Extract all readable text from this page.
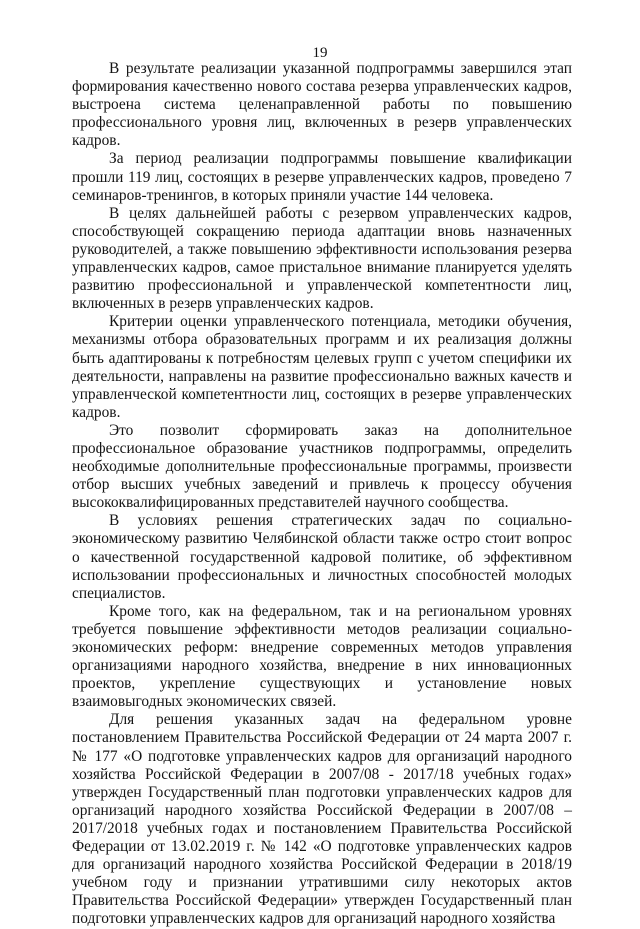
19

В результате реализации указанной подпрограммы завершился этап формирования качественно нового состава резерва управленческих кадров, выстроена система целенаправленной работы по повышению профессионального уровня лиц, включенных в резерв управленческих кадров.

За период реализации подпрограммы повышение квалификации прошли 119 лиц, состоящих в резерве управленческих кадров, проведено 7 семинаров-тренингов, в которых приняли участие 144 человека.

В целях дальнейшей работы с резервом управленческих кадров, способствующей сокращению периода адаптации вновь назначенных руководителей, а также повышению эффективности использования резерва управленческих кадров, самое пристальное внимание планируется уделять развитию профессиональной и управленческой компетентности лиц, включенных в резерв управленческих кадров.

Критерии оценки управленческого потенциала, методики обучения, механизмы отбора образовательных программ и их реализация должны быть адаптированы к потребностям целевых групп с учетом специфики их деятельности, направлены на развитие профессионально важных качеств и управленческой компетентности лиц, состоящих в резерве управленческих кадров.

Это позволит сформировать заказ на дополнительное профессиональное образование участников подпрограммы, определить необходимые дополнительные профессиональные программы, произвести отбор высших учебных заведений и привлечь к процессу обучения высококвалифицированных представителей научного сообщества.

В условиях решения стратегических задач по социально-экономическому развитию Челябинской области также остро стоит вопрос о качественной государственной кадровой политике, об эффективном использовании профессиональных и личностных способностей молодых специалистов.

Кроме того, как на федеральном, так и на региональном уровнях требуется повышение эффективности методов реализации социально-экономических реформ: внедрение современных методов управления организациями народного хозяйства, внедрение в них инновационных проектов, укрепление существующих и установление новых взаимовыгодных экономических связей.

Для решения указанных задач на федеральном уровне постановлением Правительства Российской Федерации от 24 марта 2007 г. № 177 «О подготовке управленческих кадров для организаций народного хозяйства Российской Федерации в 2007/08 - 2017/18 учебных годах» утвержден Государственный план подготовки управленческих кадров для организаций народного хозяйства Российской Федерации в 2007/08 – 2017/2018 учебных годах и постановлением Правительства Российской Федерации от 13.02.2019 г. № 142 «О подготовке управленческих кадров для организаций народного хозяйства Российской Федерации в 2018/19 учебном году и признании утратившими силу некоторых актов Правительства Российской Федерации» утвержден Государственный план подготовки управленческих кадров для организаций народного хозяйства
